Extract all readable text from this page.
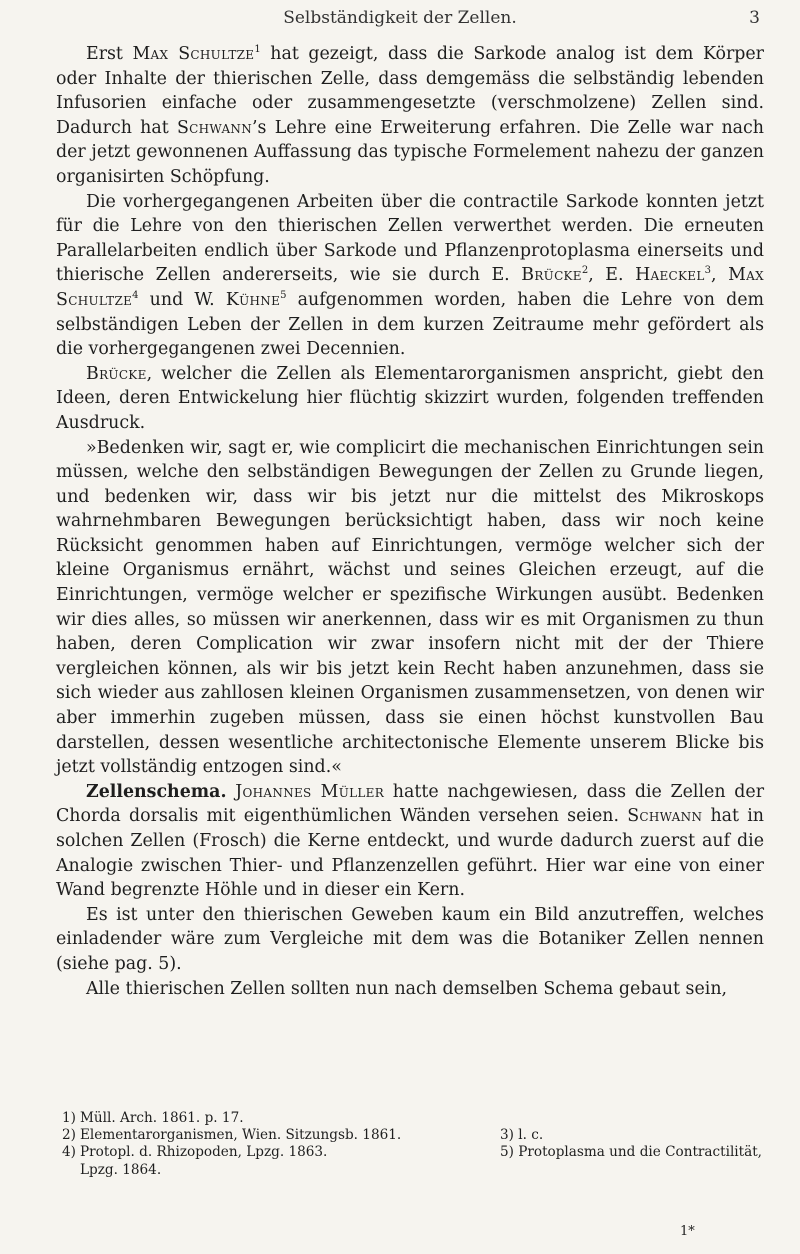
Selbständigkeit der Zellen.	3

Erst Max Schultze$^1$ hat gezeigt, dass die Sarkode analog ist dem Körper oder Inhalte der thierischen Zelle, dass demgemäss die selbständig lebenden Infusorien einfache oder zusammengesetzte (verschmolzene) Zellen sind. Dadurch hat Schwann’s Lehre eine Erweiterung erfahren. Die Zelle war nach der jetzt gewonnenen Auffassung das typische Formelement nahezu der ganzen organisirten Schöpfung.

Die vorhergegangenen Arbeiten über die contractile Sarkode konnten jetzt für die Lehre von den thierischen Zellen verwerthet werden. Die erneuten Parallelarbeiten endlich über Sarkode und Pflanzenprotoplasma einerseits und thierische Zellen andererseits, wie sie durch E. Brücke$^2$, E. Haeckel$^3$, Max Schultze$^4$ und W. Kühne$^5$ aufgenommen worden, haben die Lehre von dem selbständigen Leben der Zellen in dem kurzen Zeitraume mehr gefördert als die vorhergegangenen zwei Decennien.

Brücke, welcher die Zellen als Elementarorganismen anspricht, giebt den Ideen, deren Entwickelung hier flüchtig skizzirt wurden, folgenden treffenden Ausdruck.

»Bedenken wir, sagt er, wie complicirt die mechanischen Einrichtungen sein müssen, welche den selbständigen Bewegungen der Zellen zu Grunde liegen, und bedenken wir, dass wir bis jetzt nur die mittelst des Mikroskops wahrnehmbaren Bewegungen berücksichtigt haben, dass wir noch keine Rücksicht genommen haben auf Einrichtungen, vermöge welcher sich der kleine Organismus ernährt, wächst und seines Gleichen erzeugt, auf die Einrichtungen, vermöge welcher er spezifische Wirkungen ausübt. Bedenken wir dies alles, so müssen wir anerkennen, dass wir es mit Organismen zu thun haben, deren Complication wir zwar insofern nicht mit der der Thiere vergleichen können, als wir bis jetzt kein Recht haben anzunehmen, dass sie sich wieder aus zahllosen kleinen Organismen zusammensetzen, von denen wir aber immerhin zugeben müssen, dass sie einen höchst kunstvollen Bau darstellen, dessen wesentliche architectonische Elemente unserem Blicke bis jetzt vollständig entzogen sind.«

Zellenschema. Johannes Müller hatte nachgewiesen, dass die Zellen der Chorda dorsalis mit eigenthümlichen Wänden versehen seien. Schwann hat in solchen Zellen (Frosch) die Kerne entdeckt, und wurde dadurch zuerst auf die Analogie zwischen Thier- und Pflanzenzellen geführt. Hier war eine von einer Wand begrenzte Höhle und in dieser ein Kern.

Es ist unter den thierischen Geweben kaum ein Bild anzutreffen, welches einladender wäre zum Vergleiche mit dem was die Botaniker Zellen nennen (siehe pag. 5).

Alle thierischen Zellen sollten nun nach demselben Schema gebaut sein,

1) Müll. Arch. 1861. p. 17.
2) Elementarorganismen, Wien. Sitzungsb. 1861.	3) l. c.
4) Protopl. d. Rhizopoden, Lpzg. 1863.	5) Protoplasma und die Contractilität,
Lpzg. 1864.
1*
